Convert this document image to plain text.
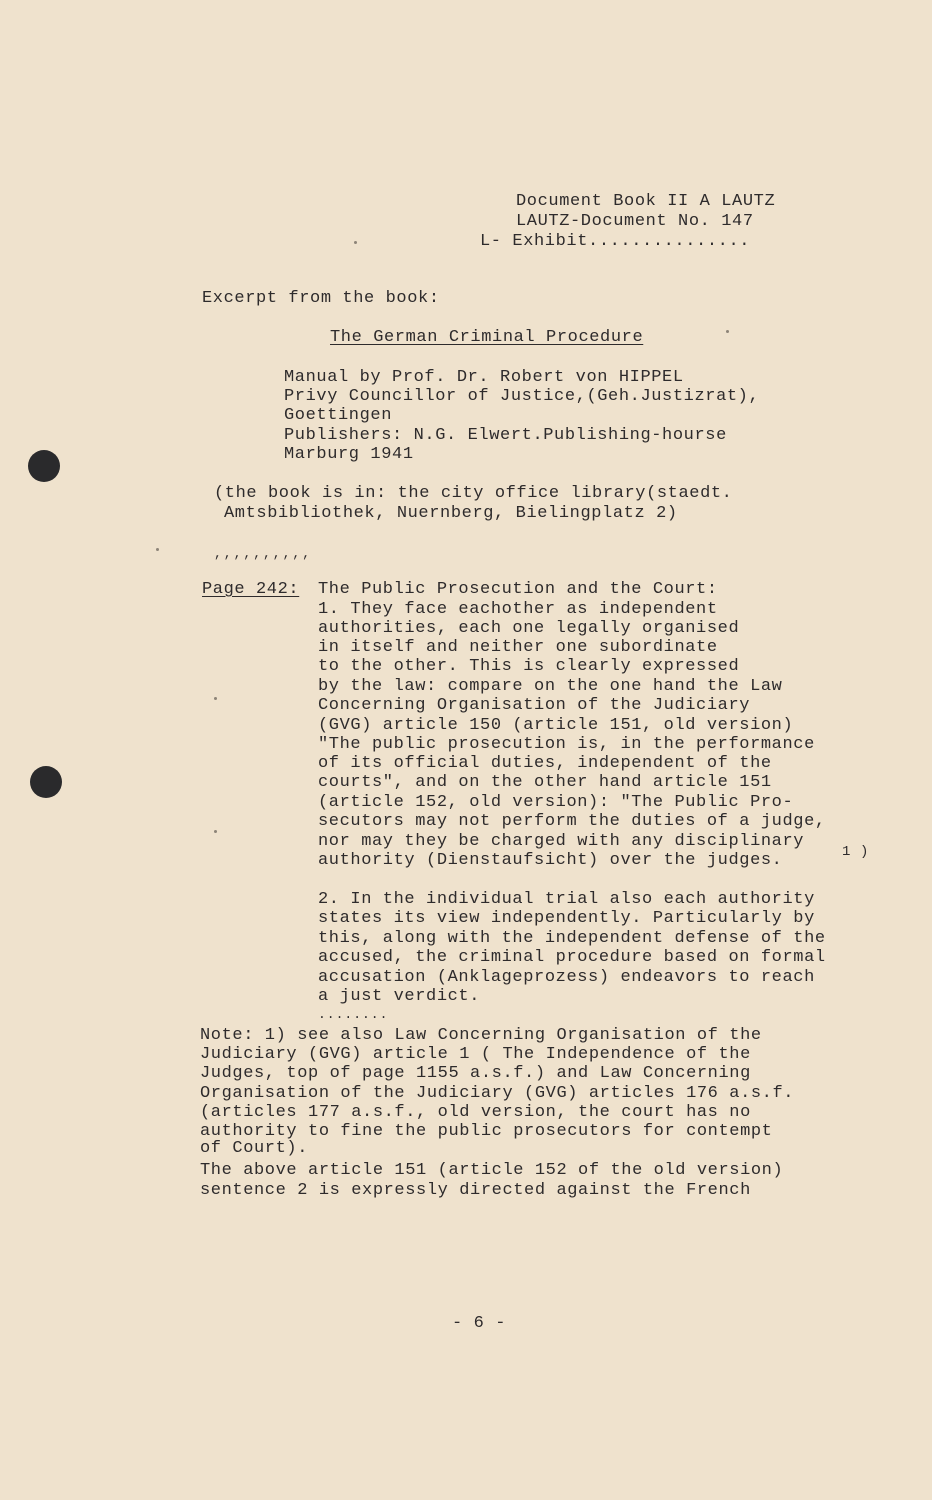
Document Book II A LAUTZ
LAUTZ-Document No. 147
L- Exhibit...............
Excerpt from the book:
The German Criminal Procedure
Manual by Prof. Dr. Robert von HIPPEL
Privy Councillor of Justice,(Geh.Justizrat),
Goettingen
Publishers: N.G. Elwert.Publishing-hourse
Marburg 1941
(the book is in: the city office library(staedt.
Amtsbibliothek, Nuernberg, Bielingplatz 2)
,,,,,,,,,,
Page 242: The Public Prosecution and the Court:
1. They face eachother as independent
authorities, each one legally organised
in itself and neither one subordinate
to the other. This is clearly expressed
by the law: compare on the one hand the Law
Concerning Organisation of the Judiciary
(GVG) article 150 (article 151, old version)
"The public prosecution is, in the performance
of its official duties, independent of the
courts", and on the other hand article 151
(article 152, old version): "The Public Pro-
secutors may not perform the duties of a judge,
nor may they be charged with any disciplinary
authority (Dienstaufsicht) over the judges.	1 )
2. In the individual trial also each authority
states its view independently. Particularly by
this, along with the independent defense of the
accused, the criminal procedure based on formal
accusation (Anklageprozess) endeavors to reach
a just verdict.
........
Note: 1) see also Law Concerning Organisation of the
Judiciary (GVG) article 1 ( The Independence of the
Judges, top of page 1155 a.s.f.) and Law Concerning
Organisation of the Judiciary (GVG) articles 176 a.s.f.
(articles 177 a.s.f., old version, the court has no
authority to fine the public prosecutors for contempt
of Court).
The above article 151 (article 152 of the old version)
sentence 2 is expressly directed against the French
- 6 -
